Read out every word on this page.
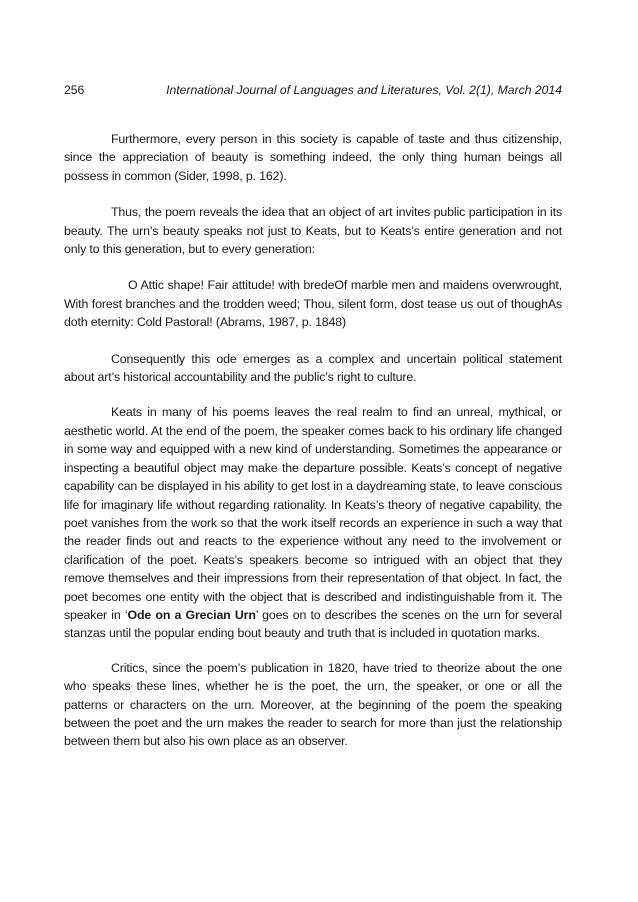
256	International Journal of Languages and Literatures, Vol. 2(1), March 2014

Furthermore, every person in this society is capable of taste and thus citizenship, since the appreciation of beauty is something indeed, the only thing human beings all possess in common (Sider, 1998, p. 162).

Thus, the poem reveals the idea that an object of art invites public participation in its beauty. The urn’s beauty speaks not just to Keats, but to Keats’s entire generation and not only to this generation, but to every generation:

O Attic shape! Fair attitude! with bredeOf marble men and maidens overwrought, With forest branches and the trodden weed; Thou, silent form, dost tease us out of thoughAs doth eternity: Cold Pastoral! (Abrams, 1987, p. 1848)

Consequently this ode emerges as a complex and uncertain political statement about art’s historical accountability and the public’s right to culture.

Keats in many of his poems leaves the real realm to find an unreal, mythical, or aesthetic world. At the end of the poem, the speaker comes back to his ordinary life changed in some way and equipped with a new kind of understanding. Sometimes the appearance or inspecting a beautiful object may make the departure possible. Keats’s concept of negative capability can be displayed in his ability to get lost in a daydreaming state, to leave conscious life for imaginary life without regarding rationality. In Keats’s theory of negative capability, the poet vanishes from the work so that the work itself records an experience in such a way that the reader finds out and reacts to the experience without any need to the involvement or clarification of the poet. Keats’s speakers become so intrigued with an object that they remove themselves and their impressions from their representation of that object. In fact, the poet becomes one entity with the object that is described and indistinguishable from it. The speaker in ‘Ode on a Grecian Urn’ goes on to describes the scenes on the urn for several stanzas until the popular ending bout beauty and truth that is included in quotation marks.

Critics, since the poem’s publication in 1820, have tried to theorize about the one who speaks these lines, whether he is the poet, the urn, the speaker, or one or all the patterns or characters on the urn. Moreover, at the beginning of the poem the speaking between the poet and the urn makes the reader to search for more than just the relationship between them but also his own place as an observer.
